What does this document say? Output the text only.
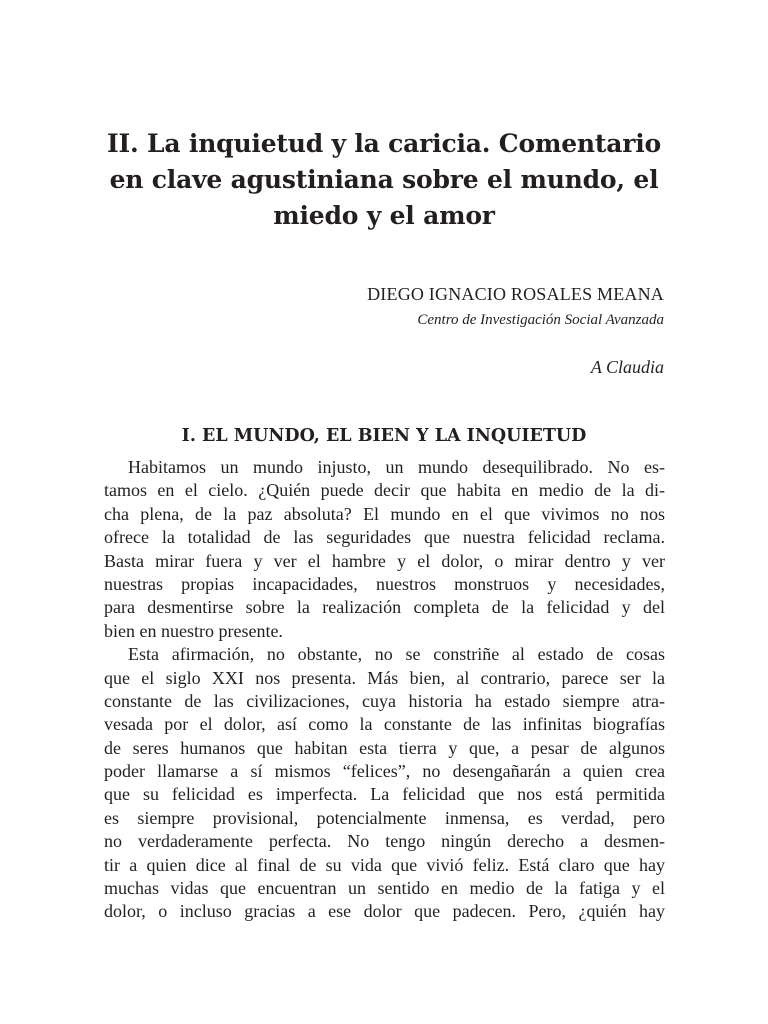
II. La inquietud y la caricia. Comentario
en clave agustiniana sobre el mundo, el
miedo y el amor
DIEGO IGNACIO ROSALES MEANA
Centro de Investigación Social Avanzada
A Claudia
I. EL MUNDO, EL BIEN Y LA INQUIETUD
Habitamos un mundo injusto, un mundo desequilibrado. No es-
tamos en el cielo. ¿Quién puede decir que habita en medio de la di-
cha plena, de la paz absoluta? El mundo en el que vivimos no nos
ofrece la totalidad de las seguridades que nuestra felicidad reclama.
Basta mirar fuera y ver el hambre y el dolor, o mirar dentro y ver
nuestras propias incapacidades, nuestros monstruos y necesidades,
para desmentirse sobre la realización completa de la felicidad y del
bien en nuestro presente.
Esta afirmación, no obstante, no se constriñe al estado de cosas
que el siglo XXI nos presenta. Más bien, al contrario, parece ser la
constante de las civilizaciones, cuya historia ha estado siempre atra-
vesada por el dolor, así como la constante de las infinitas biografías
de seres humanos que habitan esta tierra y que, a pesar de algunos
poder llamarse a sí mismos “felices”, no desengañarán a quien crea
que su felicidad es imperfecta. La felicidad que nos está permitida
es siempre provisional, potencialmente inmensa, es verdad, pero
no verdaderamente perfecta. No tengo ningún derecho a desmen-
tir a quien dice al final de su vida que vivió feliz. Está claro que hay
muchas vidas que encuentran un sentido en medio de la fatiga y el
dolor, o incluso gracias a ese dolor que padecen. Pero, ¿quién hay
